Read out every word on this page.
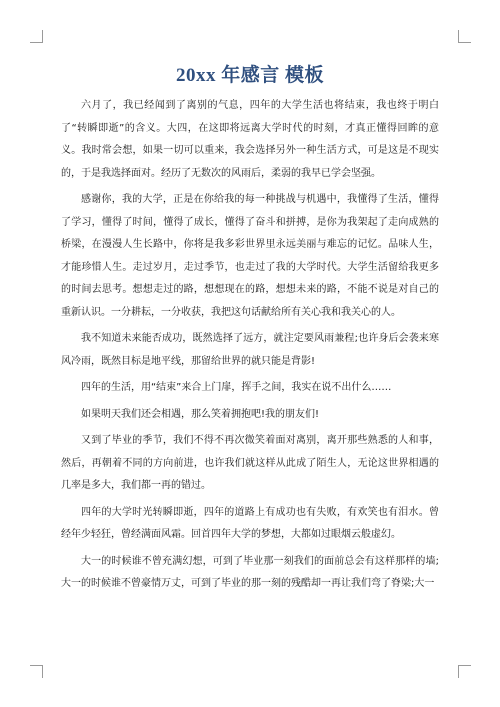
20xx 年感言 模板

六月了，我已经闻到了离别的气息，四年的大学生活也将结束，我也终于明白了“转瞬即逝”的含义。大四，在这即将远离大学时代的时刻，才真正懂得回眸的意义。我时常会想，如果一切可以重来，我会选择另外一种生活方式，可是这是不现实的，于是我选择面对。经历了无数次的风雨后，柔弱的我早已学会坚强。

感谢你，我的大学，正是在你给我的每一种挑战与机遇中，我懂得了生活，懂得了学习，懂得了时间，懂得了成长，懂得了奋斗和拼搏，是你为我架起了走向成熟的桥梁，在漫漫人生长路中，你将是我多彩世界里永远美丽与难忘的记忆。品味人生，才能珍惜人生。走过岁月，走过季节，也走过了我的大学时代。大学生活留给我更多的时间去思考。想想走过的路，想想现在的路，想想未来的路，不能不说是对自己的重新认识。一分耕耘，一分收获，我把这句话献给所有关心我和我关心的人。

我不知道未来能否成功，既然选择了远方，就注定要风雨兼程;也许身后会袭来寒风冷雨，既然目标是地平线，那留给世界的就只能是背影!

四年的生活，用“结束”来合上门扉，挥手之间，我实在说不出什么……

如果明天我们还会相遇，那么笑着拥抱吧!我的朋友们!

又到了毕业的季节，我们不得不再次微笑着面对离别，离开那些熟悉的人和事，然后，再朝着不同的方向前进，也许我们就这样从此成了陌生人，无论这世界相遇的几率是多大，我们都一再的错过。

四年的大学时光转瞬即逝，四年的道路上有成功也有失败，有欢笑也有泪水。曾经年少轻狂，曾经满面风霜。回首四年大学的梦想，大都如过眼烟云般虚幻。

大一的时候谁不曾充满幻想，可到了毕业那一刻我们的面前总会有这样那样的墙;大一的时候谁不曾豪情万丈，可到了毕业的那一刻的残酷却一再让我们弯了脊梁;大一
